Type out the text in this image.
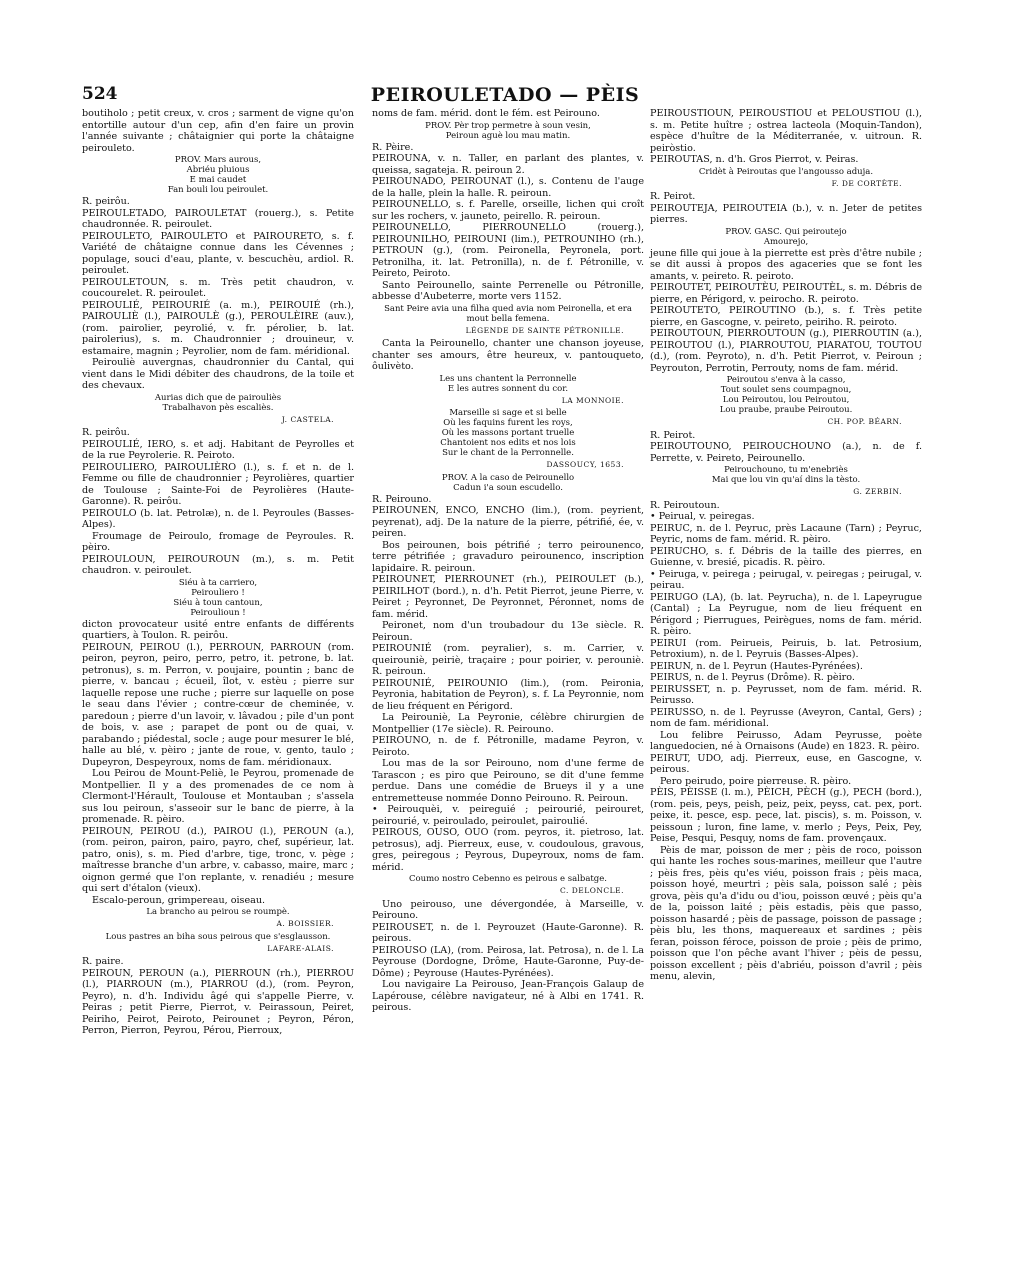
524	PEIROULETADO — PÈIS

boutiholo ; petit creux, v. cros ; sarment de vigne qu'on entortille autour d'un cep, afin d'en faire un provin l'année suivante ; châtaignier qui porte la châtaigne peirouleto.

PROV. Mars aurous,
Abriéu pluious
E mai caudet
Fan bouli lou peiroulet.

R. peirôu.

PEIROULETADO, PAIROULETAT (rouerg.), s. Petite chaudronnée. R. peiroulet.

PEIROULETO, PAIROULETO et PAIROURETO, s. f. Variété de châtaigne connue dans les Cévennes ; populage, souci d'eau, plante, v. bescuchèu, ardiol. R. peiroulet.

PEIROULETOUN, s. m. Très petit chaudron, v. coucourelet. R. peiroulet.

PEIROULIÉ, PEIROURIÉ (a. m.), PEIROUIÉ (rh.), PAIROULIÈ (l.), PAIROULÈ (g.), PEROULÈIRE (auv.), (rom. pairolier, peyrolié, v. fr. pérolier, b. lat. pairolerius), s. m. Chaudronnier ; drouineur, v. estamaire, magnin ; Peyrolier, nom de fam. méridional.

Peirouliè auvergnas, chaudronnier du Cantal, qui vient dans le Midi débiter des chaudrons, de la toile et des chevaux.

Aurias dich que de pairouliès
Trabalhavon pès escaliès.
J. CASTELA.

R. peirôu.

PEIROULIÉ, IERO, s. et adj. Habitant de Peyrolles et de la rue Peyrolerie. R. Peiroto.

PEIROULIERO, PAIROULIÈRO (l.), s. f. et n. de l. Femme ou fille de chaudronnier ; Peyrolières, quartier de Toulouse ; Sainte-Foi de Peyrolières (Haute-Garonne). R. peirôu.

PEIROULO (b. lat. Petrolæ), n. de l. Peyroules (Basses-Alpes).

Froumage de Peiroulo, fromage de Peyroules. R. pèiro.

PEIROULOUN, PEIROUROUN (m.), s. m. Petit chaudron. v. peiroulet.

Siéu à ta carriero,
Peirouliero !
Siéu à toun cantoun,
Peiroulioun !

dicton provocateur usité entre enfants de différents quartiers, à Toulon. R. peirôu.

PEIROUN, PEIROU (l.), PERROUN, PARROUN (rom. peiron, peyron, peiro, perro, petro, it. petrone, b. lat. petronus), s. m. Perron, v. poujaire, pountin ; banc de pierre, v. bancau ; écueil, îlot, v. estèu ; pierre sur laquelle repose une ruche ; pierre sur laquelle on pose le seau dans l'évier ; contre-cœur de cheminée, v. paredoun ; pierre d'un lavoir, v. lâvadou ; pile d'un pont de bois, v. ase ; parapet de pont ou de quai, v. parabando ; piédestal, socle ; auge pour mesurer le blé, halle au blé, v. pèiro ; jante de roue, v. gento, taulo ; Dupeyron, Despeyroux, noms de fam. méridionaux.

Lou Peirou de Mount-Peliè, le Peyrou, promenade de Montpellier. Il y a des promenades de ce nom à Clermont-l'Hérault, Toulouse et Montauban ; s'assela sus lou peiroun, s'asseoir sur le banc de pierre, à la promenade. R. pèiro.

PEIROUN, PEIROU (d.), PAIROU (l.), PEROUN (a.), (rom. peiron, pairon, pairo, payro, chef, supérieur, lat. patro, onis), s. m. Pied d'arbre, tige, tronc, v. pège ; maîtresse branche d'un arbre, v. cabasso, maire, marc ; oignon germé que l'on replante, v. renadiéu ; mesure qui sert d'étalon (vieux).

Escalo-peroun, grimpereau, oiseau.

La brancho au peirou se roumpè.
A. BOISSIER.
Lous pastres an biha sous peirous que s'esglausson.
LAFARE-ALAIS.

R. paire.

PEIROUN, PEROUN (a.), PIERROUN (rh.), PIERROU (l.), PIARROUN (m.), PIARROU (d.), (rom. Peyron, Peyro), n. d'h. Individu âgé qui s'appelle Pierre, v. Peiras ; petit Pierre, Pierrot, v. Peirassoun, Peiret, Peiriho, Peirot, Peiroto, Peirounet ; Peyron, Péron, Perron, Pierron, Peyrou, Pérou, Pierroux,

noms de fam. mérid. dont le fém. est Peirouno.

PROV. Pèr trop permetre à soun vesin,
Peiroun aguè lou mau matin.

R. Pèire.

PEIROUNA, v. n. Taller, en parlant des plantes, v. queissa, sagateja. R. peiroun 2.

PEIROUNADO, PEIROUNAT (l.), s. Contenu de l'auge de la halle, plein la halle. R. peiroun.

PEIROUNELLO, s. f. Parelle, orseille, lichen qui croît sur les rochers, v. jauneto, peirello. R. peiroun.

PEIROUNELLO, PIERROUNELLO (rouerg.), PEIROUNILHO, PEIROUNI (lim.), PETROUNIHO (rh.), PETROUN (g.), (rom. Peironella, Peyronela, port. Petronilha, it. lat. Petronilla), n. de f. Pétronille, v. Peireto, Peiroto.

Santo Peirounello, sainte Perrenelle ou Pétronille, abbesse d'Aubeterre, morte vers 1152.

Sant Peire avia una filha qued avia nom Peironella, et era mout bella femena.
LÉGENDE DE SAINTE PÉTRONILLE.

Canta la Peirounello, chanter une chanson joyeuse, chanter ses amours, être heureux, v. pantouqueto, ôulivèto.

Les uns chantent la Perronnelle
E les autres sonnent du cor.
LA MONNOIE.
Marseille si sage et si belle
Où les faquins furent les roys,
Où les massons portant truelle
Chantoient nos edits et nos lois
Sur le chant de la Perronnelle.
DASSOUCY, 1653.
PROV. A la caso de Peirounello
Cadun i'a soun escudello.

R. Peirouno.

PEIROUNEN, ENCO, ENCHO (lim.), (rom. peyrient, peyrenat), adj. De la nature de la pierre, pétrifié, ée, v. peiren.

Bos peirounen, bois pétrifié ; terro peirounenco, terre pétrifiée ; gravaduro peirounenco, inscription lapidaire. R. peiroun.

PEIROUNET, PIERROUNET (rh.), PEIROULET (b.), PEIRILHOT (bord.), n. d'h. Petit Pierrot, jeune Pierre, v. Peiret ; Peyronnet, De Peyronnet, Péronnet, noms de fam. mérid.

Peironet, nom d'un troubadour du 13e siècle. R. Peiroun.

PEIROUNIÉ (rom. peyralier), s. m. Carrier, v. queirouniè, peiriè, traçaire ; pour poirier, v. perouniè. R. peiroun.

PEIROUNIÉ, PEIROUNIO (lim.), (rom. Peironia, Peyronia, habitation de Peyron), s. f. La Peyronnie, nom de lieu fréquent en Périgord.

La Peirouniè, La Peyronie, célèbre chirurgien de Montpellier (17e siècle). R. Peirouno.

PEIROUNO, n. de f. Pétronille, madame Peyron, v. Peiroto.

Lou mas de la sor Peirouno, nom d'une ferme de Tarascon ; es piro que Peirouno, se dit d'une femme perdue. Dans une comédie de Brueys il y a une entremetteuse nommée Donno Peirouno. R. Peiroun.

• Peirouquèi, v. peireguié ; peirourié, peirouret, peirourié, v. peiroulado, peiroulet, pairoulié.

PEIROUS, OUSO, OUO (rom. peyros, it. pietroso, lat. petrosus), adj. Pierreux, euse, v. coudoulous, gravous, gres, peiregous ; Peyrous, Dupeyroux, noms de fam. mérid.

Coumo nostro Cebenno es peirous e salbatge.
C. DELONCLE.

Uno peirouso, une dévergondée, à Marseille, v. Peirouno.

PEIROUSET, n. de l. Peyrouzet (Haute-Garonne). R. peirous.

PEIROUSO (LA), (rom. Peirosa, lat. Petrosa), n. de l. La Peyrouse (Dordogne, Drôme, Haute-Garonne, Puy-de-Dôme) ; Peyrouse (Hautes-Pyrénées).

Lou navigaire La Peirouso, Jean-François Galaup de Lapérouse, célèbre navigateur, né à Albi en 1741. R. peirous.

PEIROUSTIOUN, PEIROUSTIOU et PELOUSTIOU (l.), s. m. Petite huître ; ostrea lacteola (Moquin-Tandon), espèce d'huître de la Méditerranée, v. uitroun. R. peiròstio.

PEIROUTAS, n. d'h. Gros Pierrot, v. Peiras.

Cridèt à Peiroutas que l'angousso aduja.
F. DE CORTÈTE.

R. Peirot.

PEIROUTEJA, PEIROUTEIA (b.), v. n. Jeter de petites pierres.

PROV. GASC. Qui peiroutejo
Amourejo,

jeune fille qui joue à la pierrette est près d'être nubile ; se dit aussi à propos des agaceries que se font les amants, v. peireto. R. peiroto.

PEIROUTET, PEIROUTÈU, PEIROUTÈL, s. m. Débris de pierre, en Périgord, v. peirocho. R. peiroto.

PEIROUTETO, PEIROUTINO (b.), s. f. Très petite pierre, en Gascogne, v. peireto, peiriho. R. peiroto.

PEIROUTOUN, PIERROUTOUN (g.), PIERROUTIN (a.), PEIROUTOU (l.), PIARROUTOU, PIARATOU, TOUTOU (d.), (rom. Peyroto), n. d'h. Petit Pierrot, v. Peiroun ; Peyrouton, Perrotin, Perrouty, noms de fam. mérid.

Peiroutou s'enva à la casso,
Tout soulet sens coumpagnou,
Lou Peiroutou, lou Peiroutou,
Lou praube, praube Peiroutou.
CH. POP. BÉARN.

R. Peirot.

PEIROUTOUNO, PEIROUCHOUNO (a.), n. de f. Perrette, v. Peireto, Peirounello.

Peirouchouno, tu m'enebriès
Mai que lou vin qu'aí dins la tèsto.
G. ZERBIN.

R. Peiroutoun.

• Peirual, v. peiregas.

PEIRUC, n. de l. Peyruc, près Lacaune (Tarn) ; Peyruc, Peyric, noms de fam. mérid. R. pèiro.

PEIRUCHO, s. f. Débris de la taille des pierres, en Guienne, v. bresié, picadis. R. pèiro.

• Peiruga, v. peirega ; peirugal, v. peiregas ; peirugal, v. peirau.

PEIRUGO (LA), (b. lat. Peyrucha), n. de l. Lapeyrugue (Cantal) ; La Peyrugue, nom de lieu fréquent en Périgord ; Pierrugues, Peirègues, noms de fam. mérid. R. pèiro.

PEIRUI (rom. Peirueis, Peiruis, b. lat. Petrosium, Petroxium), n. de l. Peyruis (Basses-Alpes).

PEIRUN, n. de l. Peyrun (Hautes-Pyrénées).

PEIRUS, n. de l. Peyrus (Drôme). R. pèiro.

PEIRUSSET, n. p. Peyrusset, nom de fam. mérid. R. Peirusso.

PEIRUSSO, n. de l. Peyrusse (Aveyron, Cantal, Gers) ; nom de fam. méridional.

Lou felibre Peirusso, Adam Peyrusse, poète languedocien, né à Ornaisons (Aude) en 1823. R. pèiro.

PEIRUT, UDO, adj. Pierreux, euse, en Gascogne, v. peirous.

Pero peirudo, poire pierreuse. R. pèiro.

PÈIS, PÈISSE (l. m.), PÈICH, PÈCH (g.), PECH (bord.), (rom. peis, peys, peish, peiz, peix, peyss, cat. pex, port. peixe, it. pesce, esp. pece, lat. piscis), s. m. Poisson, v. peissoun ; luron, fine lame, v. merlo ; Peys, Peix, Pey, Peise, Pesqui, Pesquy, noms de fam. provençaux.

Pèis de mar, poisson de mer ; pèis de roco, poisson qui hante les roches sous-marines, meilleur que l'autre ; pèis fres, pèis qu'es viéu, poisson frais ; pèis maca, poisson hoyé, meurtri ; pèis sala, poisson salé ; pèis grova, pèis qu'a d'idu ou d'iou, poisson œuvé ; pèis qu'a de la, poisson laité ; pèis estadis, pèis que passo, poisson hasardé ; pèis de passage, poisson de passage ; pèis blu, les thons, maquereaux et sardines ; pèis feran, poisson féroce, poisson de proie ; pèis de primo, poisson que l'on pêche avant l'hiver ; pèis de pessu, poisson excellent ; pèis d'abriéu, poisson d'avril ; pèis menu, alevin,
